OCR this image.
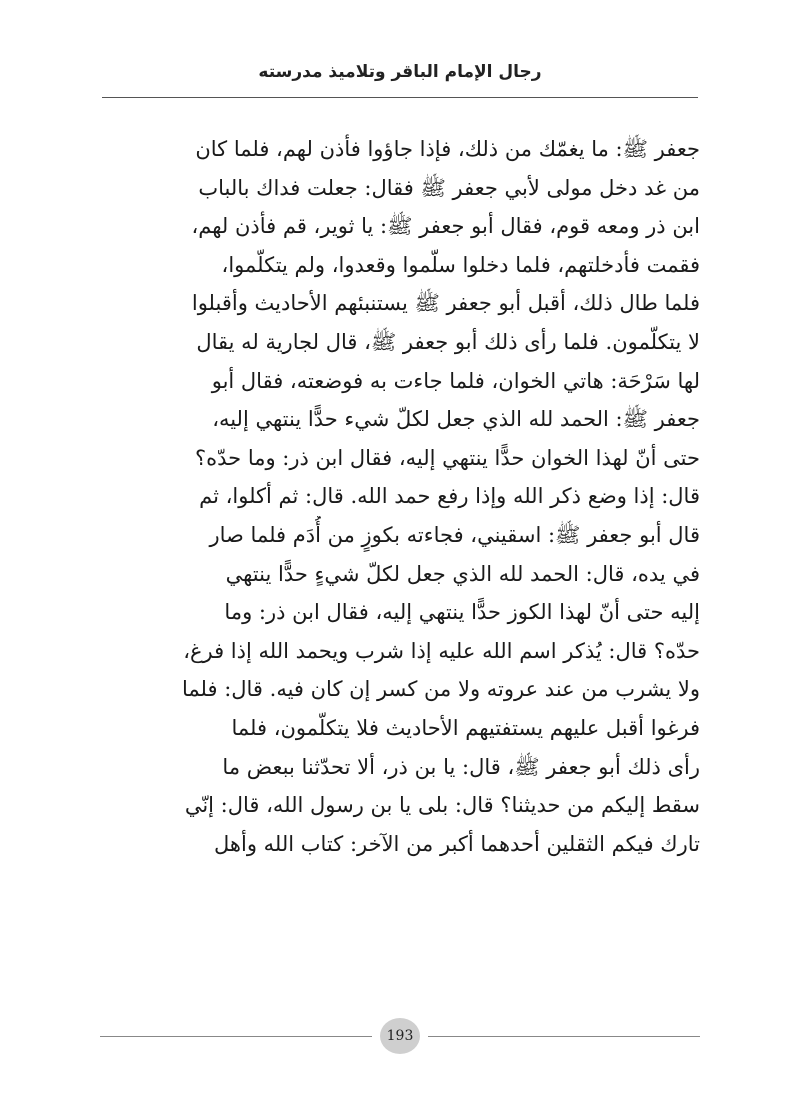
رجال الإمام الباقر وتلاميذ مدرسته
جعفر ﷺ: ما يغمّك من ذلك، فإذا جاؤوا فأذن لهم، فلما كان
من غد دخل مولى لأبي جعفر ﷺ فقال: جعلت فداك بالباب
ابن ذر ومعه قوم، فقال أبو جعفر ﷺ: يا ثوير، قم فأذن لهم،
فقمت فأدخلتهم، فلما دخلوا سلّموا وقعدوا، ولم يتكلّموا،
فلما طال ذلك، أقبل أبو جعفر ﷺ يستنبئهم الأحاديث وأقبلوا
لا يتكلّمون. فلما رأى ذلك أبو جعفر ﷺ، قال لجارية له يقال
لها سَرْحَة: هاتي الخوان، فلما جاءت به فوضعته، فقال أبو
جعفر ﷺ: الحمد لله الذي جعل لكلّ شيء حدًّا ينتهي إليه،
حتى أنّ لهذا الخوان حدًّا ينتهي إليه، فقال ابن ذر: وما حدّه؟
قال: إذا وضع ذكر الله وإذا رفع حمد الله. قال: ثم أكلوا، ثم
قال أبو جعفر ﷺ: اسقيني، فجاءته بكوزٍ من أُدَم فلما صار
في يده، قال: الحمد لله الذي جعل لكلّ شيءٍ حدًّا ينتهي
إليه حتى أنّ لهذا الكوز حدًّا ينتهي إليه، فقال ابن ذر: وما
حدّه؟ قال: يُذكر اسم الله عليه إذا شرب ويحمد الله إذا فرغ،
ولا يشرب من عند عروته ولا من كسر إن كان فيه. قال: فلما
فرغوا أقبل عليهم يستفتيهم الأحاديث فلا يتكلّمون، فلما
رأى ذلك أبو جعفر ﷺ، قال: يا بن ذر، ألا تحدّثنا ببعض ما
سقط إليكم من حديثنا؟ قال: بلى يا بن رسول الله، قال: إنّي
تارك فيكم الثقلين أحدهما أكبر من الآخر: كتاب الله وأهل
193
